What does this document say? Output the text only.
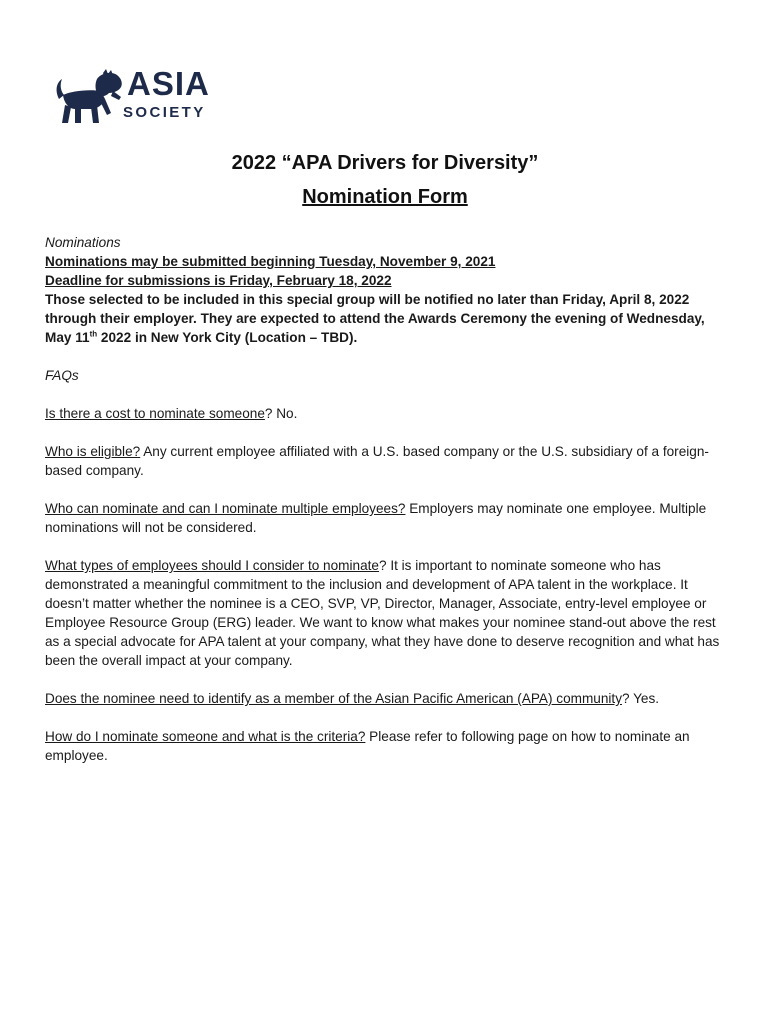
ASIA
SOCIETY
2022 “APA Drivers for Diversity”
Nomination Form

Nominations

Nominations may be submitted beginning Tuesday, November 9, 2021

Deadline for submissions is Friday, February 18, 2022

Those selected to be included in this special group will be notified no later than Friday, April 8, 2022 through their employer. They are expected to attend the Awards Ceremony the evening of Wednesday, May 11th 2022 in New York City (Location – TBD).

FAQs

Is there a cost to nominate someone? No.

Who is eligible? Any current employee affiliated with a U.S. based company or the U.S. subsidiary of a foreign-based company.

Who can nominate and can I nominate multiple employees? Employers may nominate one employee. Multiple nominations will not be considered.

What types of employees should I consider to nominate? It is important to nominate someone who has demonstrated a meaningful commitment to the inclusion and development of APA talent in the workplace. It doesn’t matter whether the nominee is a CEO, SVP, VP, Director, Manager, Associate, entry-level employee or Employee Resource Group (ERG) leader. We want to know what makes your nominee stand-out above the rest as a special advocate for APA talent at your company, what they have done to deserve recognition and what has been the overall impact at your company.

Does the nominee need to identify as a member of the Asian Pacific American (APA) community? Yes.

How do I nominate someone and what is the criteria? Please refer to following page on how to nominate an employee.
